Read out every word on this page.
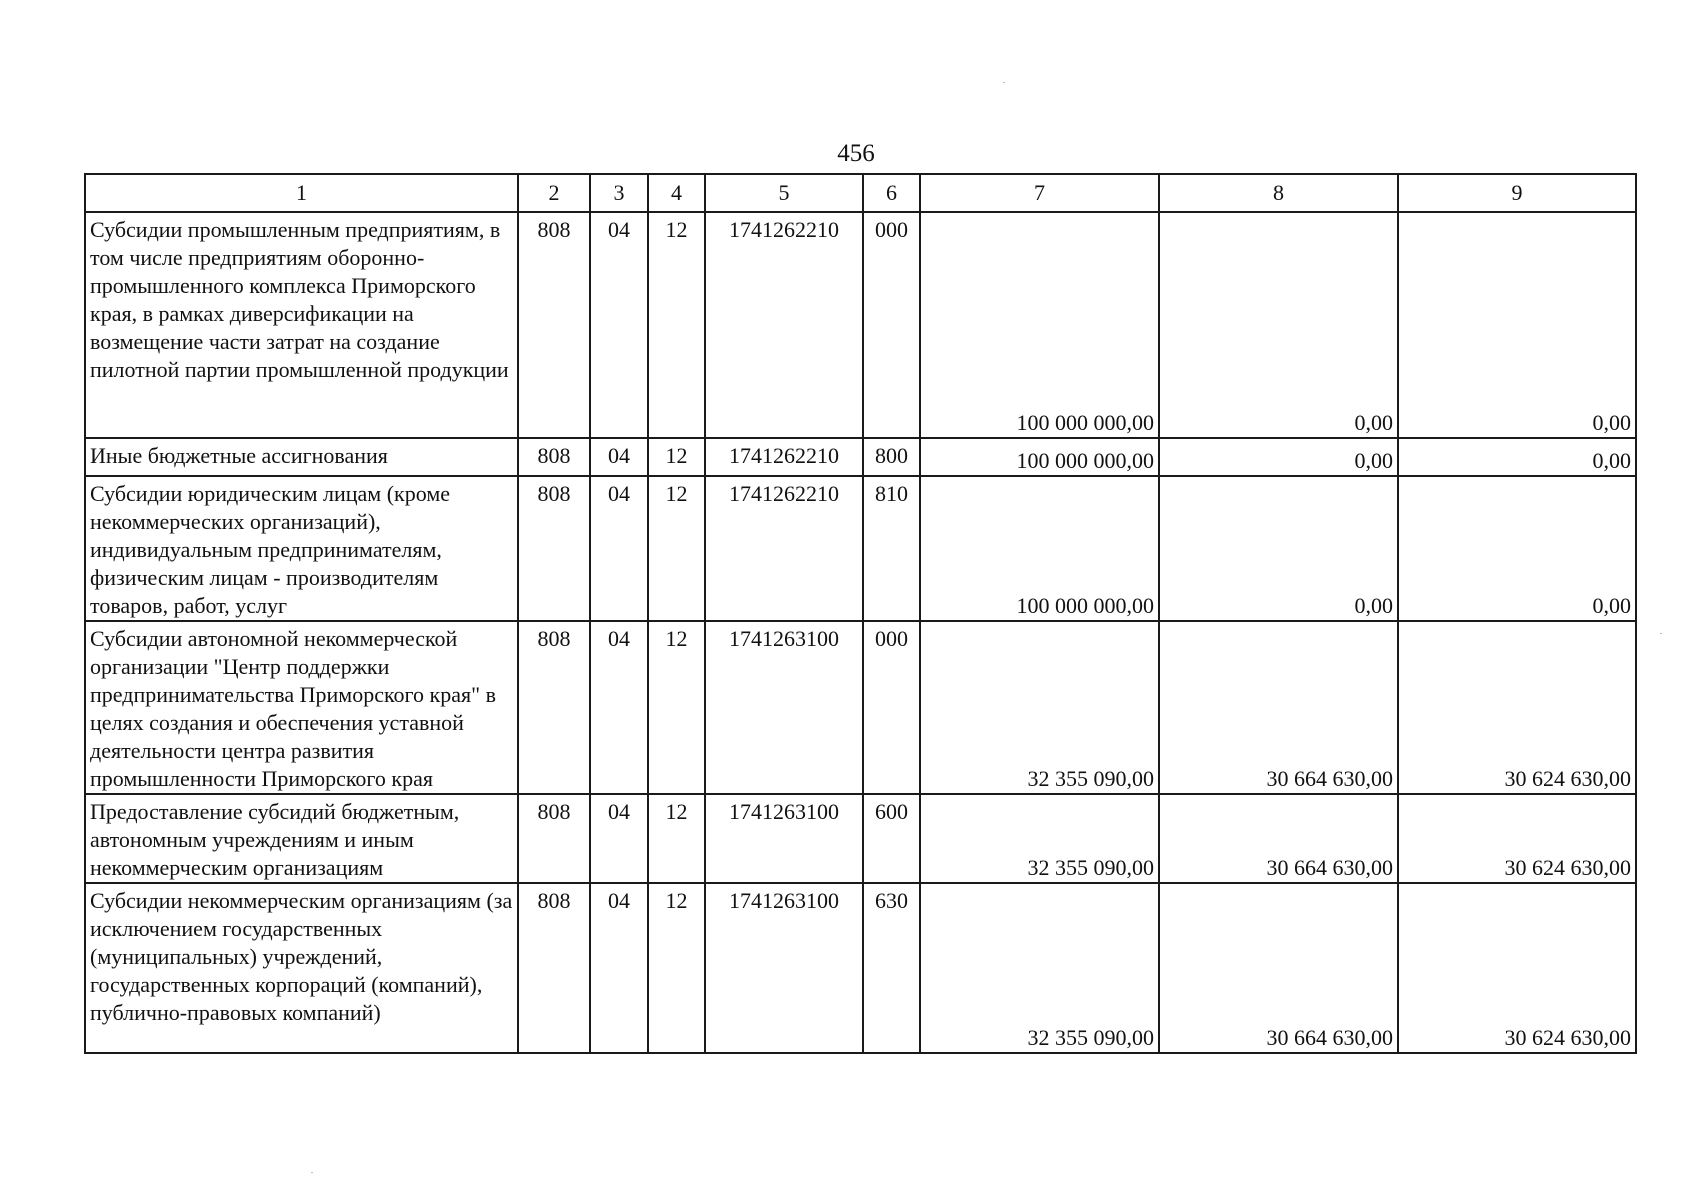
456
1	2	3	4	5	6	7	8	9
Субсидии промышленным предприятиям, в том числе предприятиям оборонно-промышленного комплекса Приморского края, в рамках диверсификации на возмещение части затрат на создание пилотной партии промышленной продукции	808	04	12	1741262210	000	100 000 000,00	0,00	0,00
Иные бюджетные ассигнования	808	04	12	1741262210	800	100 000 000,00	0,00	0,00
Субсидии юридическим лицам (кроме некоммерческих организаций), индивидуальным предпринимателям, физическим лицам - производителям товаров, работ, услуг	808	04	12	1741262210	810	100 000 000,00	0,00	0,00
Субсидии автономной некоммерческой организации "Центр поддержки предпринимательства Приморского края" в целях создания и обеспечения уставной деятельности центра развития промышленности Приморского края	808	04	12	1741263100	000	32 355 090,00	30 664 630,00	30 624 630,00
Предоставление субсидий бюджетным, автономным учреждениям и иным некоммерческим организациям	808	04	12	1741263100	600	32 355 090,00	30 664 630,00	30 624 630,00
Субсидии некоммерческим организациям (за исключением государственных (муниципальных) учреждений, государственных корпораций (компаний), публично-правовых компаний)	808	04	12	1741263100	630	32 355 090,00	30 664 630,00	30 624 630,00
